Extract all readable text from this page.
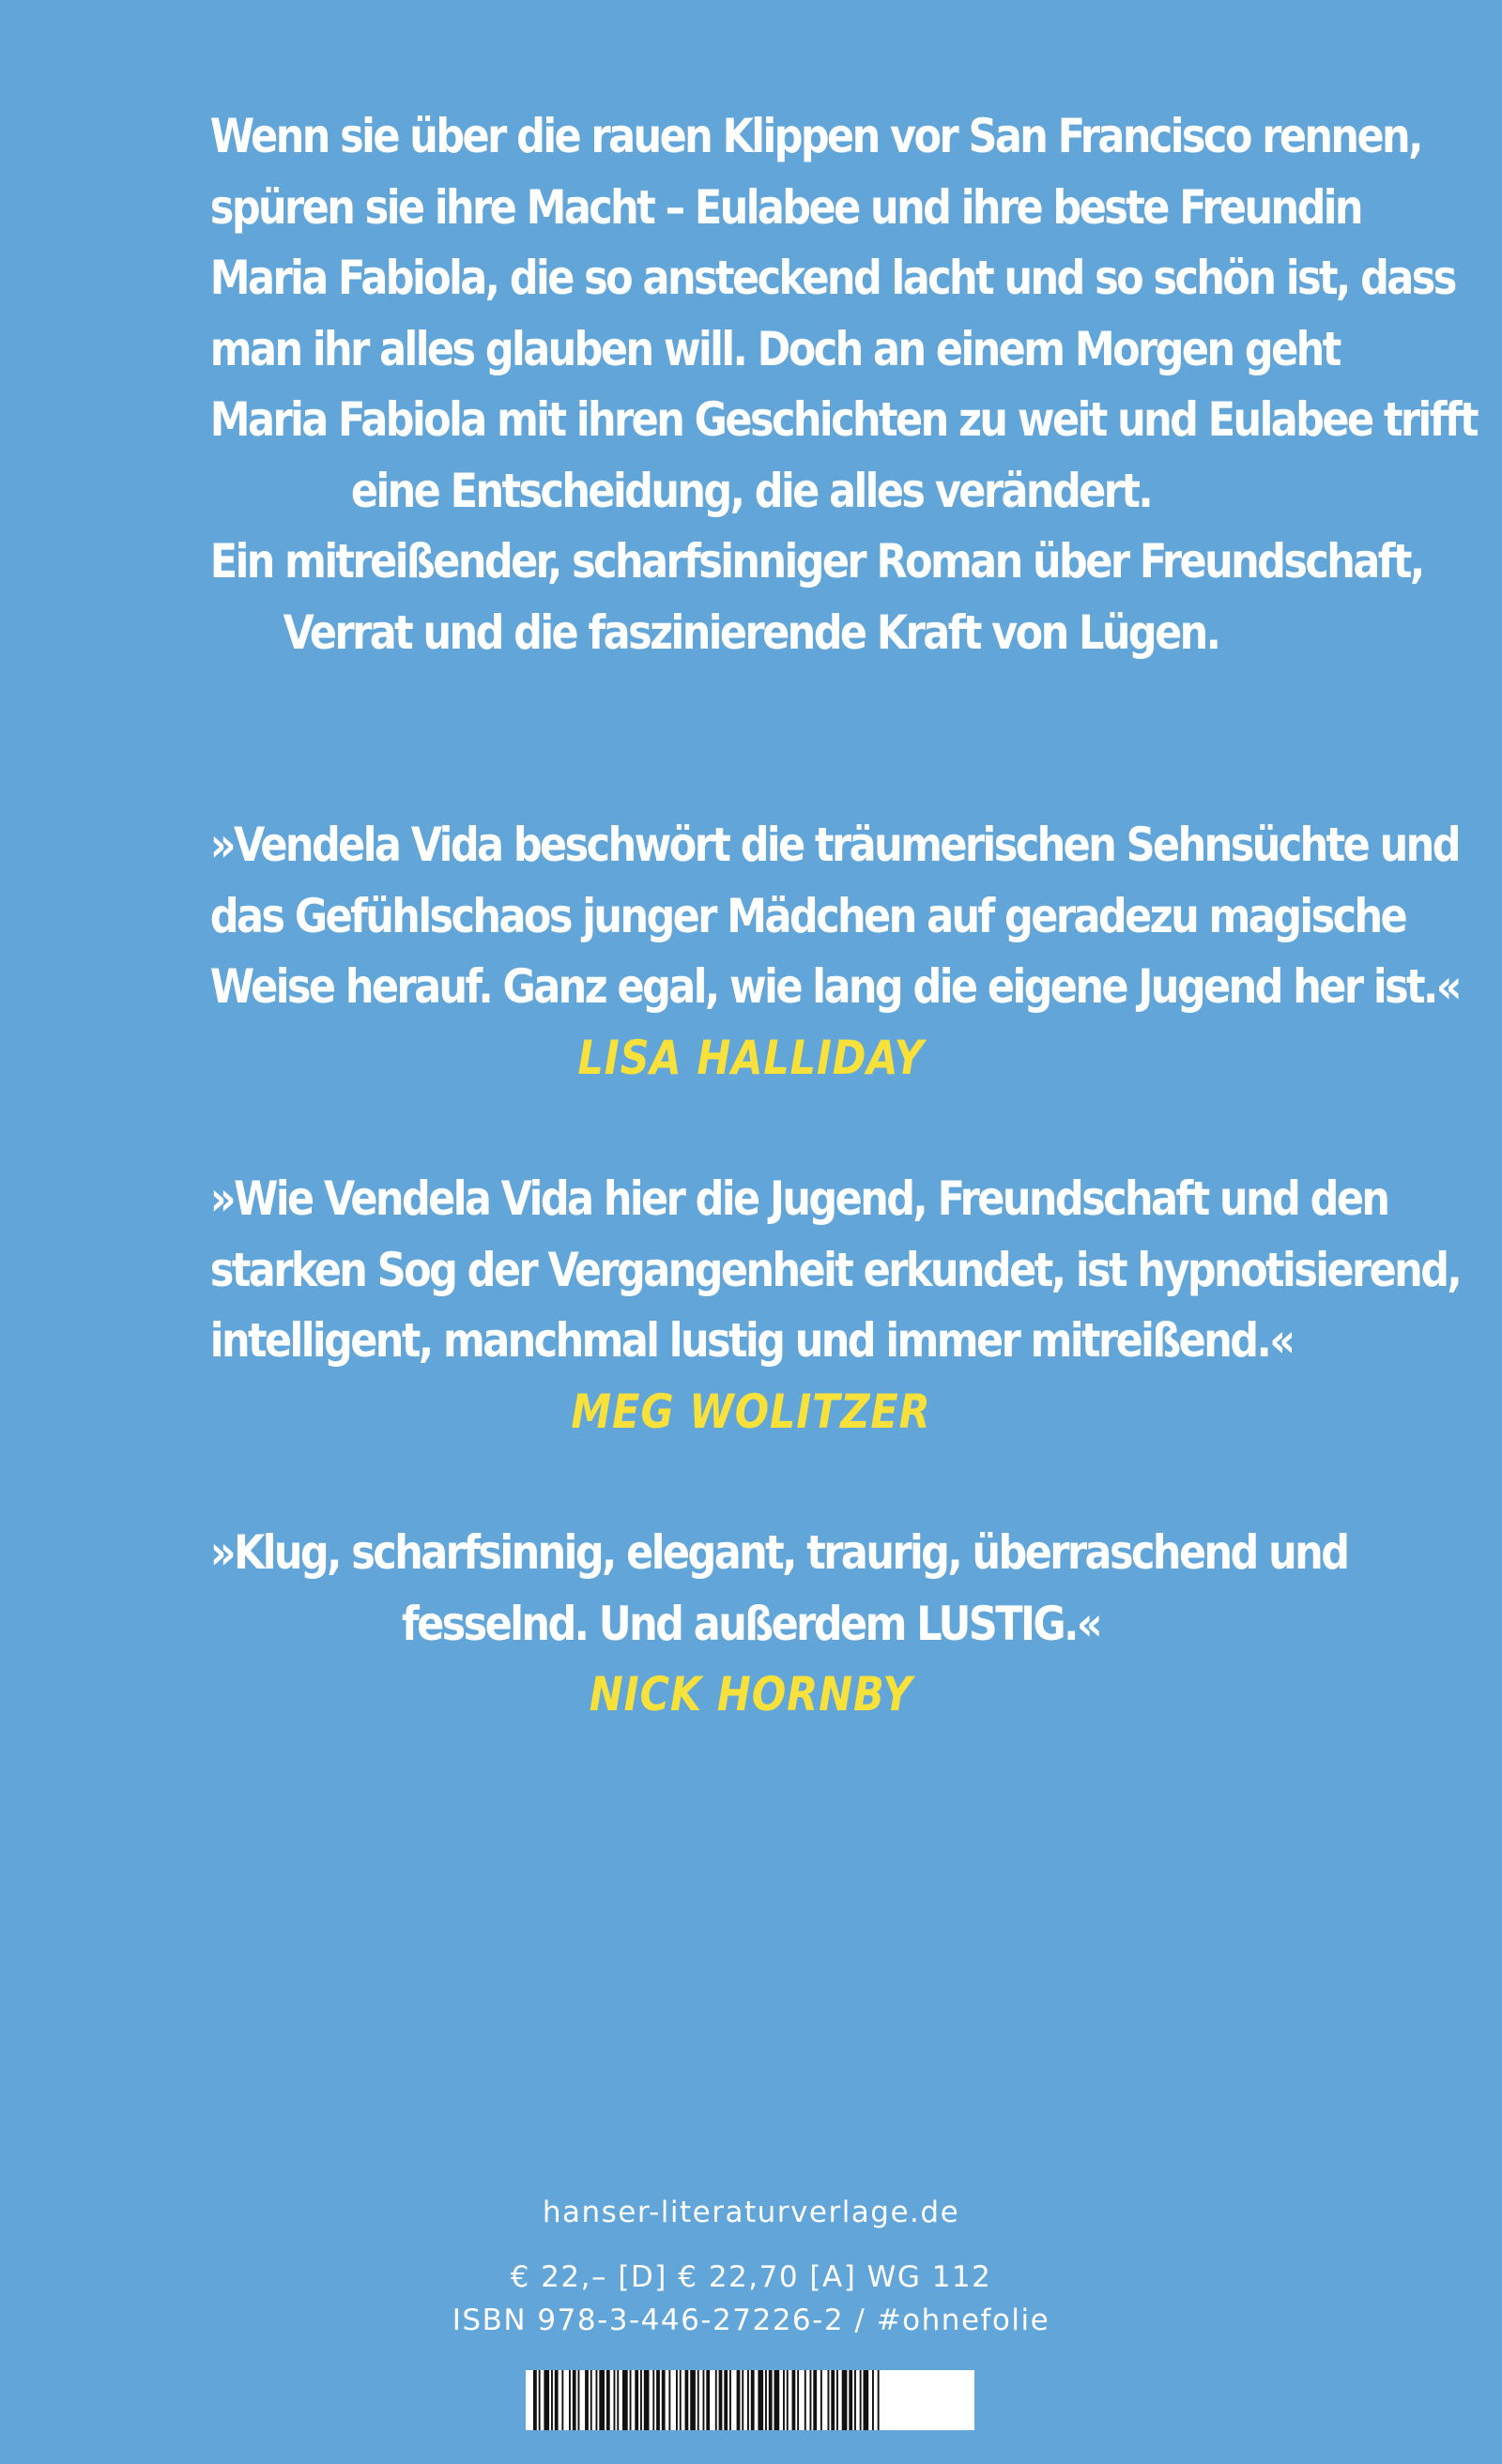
Wenn sie über die rauen Klippen vor San Francisco rennen,
spüren sie ihre Macht – Eulabee und ihre beste Freundin
Maria Fabiola, die so ansteckend lacht und so schön ist, dass
man ihr alles glauben will. Doch an einem Morgen geht
Maria Fabiola mit ihren Geschichten zu weit und Eulabee trifft
eine Entscheidung, die alles verändert.
Ein mitreißender, scharfsinniger Roman über Freundschaft,
Verrat und die faszinierende Kraft von Lügen.
»Vendela Vida beschwört die träumerischen Sehnsüchte und
das Gefühlschaos junger Mädchen auf geradezu magische
Weise herauf. Ganz egal, wie lang die eigene Jugend her ist.«
LISA HALLIDAY
»Wie Vendela Vida hier die Jugend, Freundschaft und den
starken Sog der Vergangenheit erkundet, ist hypnotisierend,
intelligent, manchmal lustig und immer mitreißend.«
MEG WOLITZER
»Klug, scharfsinnig, elegant, traurig, überraschend und
fesselnd. Und außerdem LUSTIG.«
NICK HORNBY
hanser-literaturverlage.de
€ 22,– [D] € 22,70 [A] WG 112
ISBN 978-3-446-27226-2 / #ohnefolie
